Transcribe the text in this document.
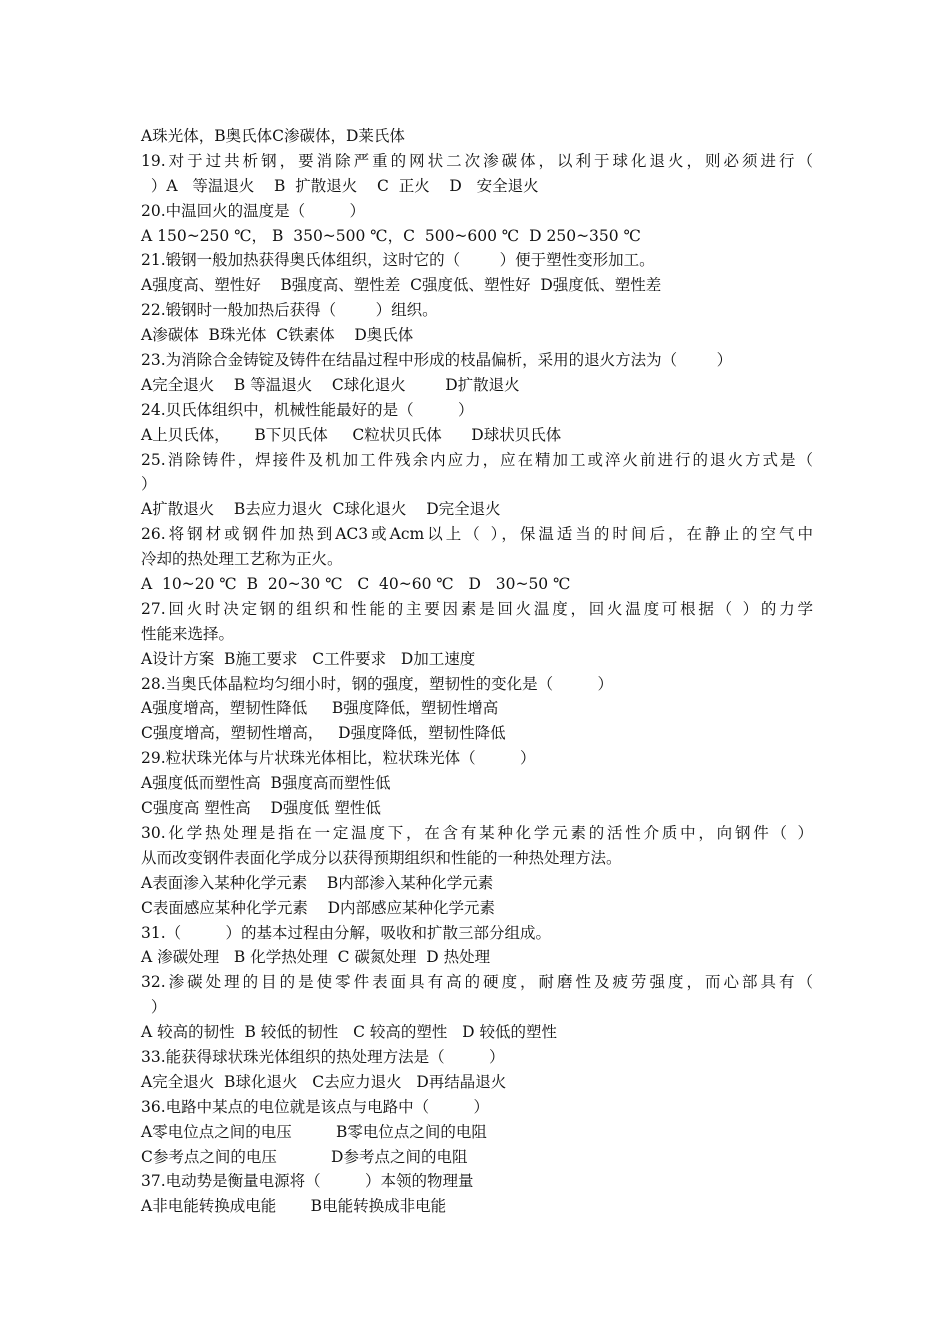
A珠光体，B奥氏体C渗碳体，D莱氏体
19.对于过共析钢，要消除严重的网状二次渗碳体，以利于球化退火，则必须进行（
）A   等温退火    B  扩散退火    C  正火    D   安全退火
20.中温回火的温度是（         ）
A 150~250 ℃， B  350~500 ℃，C  500~600 ℃  D 250~350 ℃
21.锻钢一般加热获得奥氏体组织，这时它的（        ）便于塑性变形加工。
A强度高、塑性好    B强度高、塑性差  C强度低、塑性好  D强度低、塑性差
22.锻钢时一般加热后获得（        ）组织。
A渗碳体  B珠光体  C铁素体    D奥氏体
23.为消除合金铸锭及铸件在结晶过程中形成的枝晶偏析，采用的退火方法为（        ）
A完全退火    B 等温退火    C球化退火        D扩散退火
24.贝氏体组织中，机械性能最好的是（         ）
A上贝氏体，     B下贝氏体     C粒状贝氏体      D球状贝氏体
25.消除铸件，焊接件及机加工件残余内应力，应在精加工或淬火前进行的退火方式是（
）
A扩散退火    B去应力退火  C球化退火    D完全退火
26.将钢材或钢件加热到AC3或Acm以上（ ），保温适当的时间后，在静止的空气中
冷却的热处理工艺称为正火。
A  10~20 ℃  B  20~30 ℃   C  40~60 ℃   D   30~50 ℃
27.回火时决定钢的组织和性能的主要因素是回火温度，回火温度可根据（ ）的力学
性能来选择。
A设计方案  B施工要求   C工件要求   D加工速度
28.当奥氏体晶粒均匀细小时，钢的强度，塑韧性的变化是（         ）
A强度增高，塑韧性降低     B强度降低，塑韧性增高
C强度增高，塑韧性增高，   D强度降低，塑韧性降低
29.粒状珠光体与片状珠光体相比，粒状珠光体（         ）
A强度低而塑性高  B强度高而塑性低
C强度高 塑性高    D强度低 塑性低
30.化学热处理是指在一定温度下，在含有某种化学元素的活性介质中，向钢件（ ）
从而改变钢件表面化学成分以获得预期组织和性能的一种热处理方法。
A表面渗入某种化学元素    B内部渗入某种化学元素
C表面感应某种化学元素    D内部感应某种化学元素
31.（         ）的基本过程由分解，吸收和扩散三部分组成。
A 渗碳处理   B 化学热处理  C 碳氮处理  D 热处理
32.渗碳处理的目的是使零件表面具有高的硬度，耐磨性及疲劳强度，而心部具有（
）
A 较高的韧性  B 较低的韧性   C 较高的塑性   D 较低的塑性
33.能获得球状珠光体组织的热处理方法是（         ）
A完全退火  B球化退火   C去应力退火   D再结晶退火
36.电路中某点的电位就是该点与电路中（         ）
A零电位点之间的电压         B零电位点之间的电阻
C参考点之间的电压           D参考点之间的电阻
37.电动势是衡量电源将（         ）本领的物理量
A非电能转换成电能       B电能转换成非电能
